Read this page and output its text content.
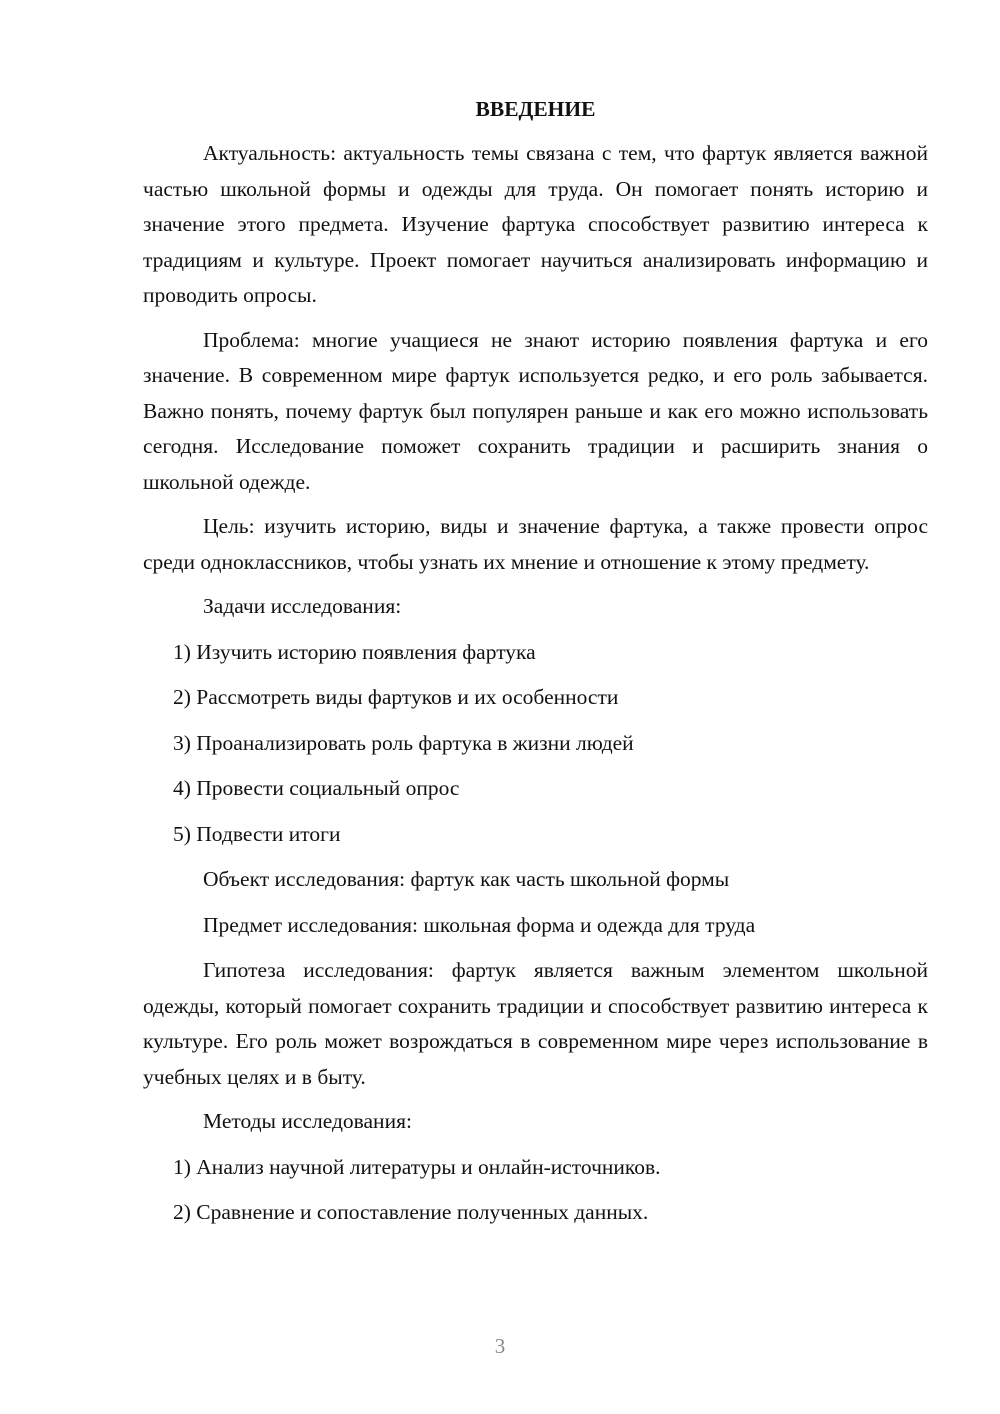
ВВЕДЕНИЕ

Актуальность: актуальность темы связана с тем, что фартук является важной частью школьной формы и одежды для труда. Он помогает понять историю и значение этого предмета. Изучение фартука способствует развитию интереса к традициям и культуре. Проект помогает научиться анализировать информацию и проводить опросы.

Проблема: многие учащиеся не знают историю появления фартука и его значение. В современном мире фартук используется редко, и его роль забывается. Важно понять, почему фартук был популярен раньше и как его можно использовать сегодня. Исследование поможет сохранить традиции и расширить знания о школьной одежде.

Цель: изучить историю, виды и значение фартука, а также провести опрос среди одноклассников, чтобы узнать их мнение и отношение к этому предмету.

Задачи исследования:
1) Изучить историю появления фартука
2) Рассмотреть виды фартуков и их особенности
3) Проанализировать роль фартука в жизни людей
4) Провести социальный опрос
5) Подвести итоги
Объект исследования: фартук как часть школьной формы
Предмет исследования: школьная форма и одежда для труда

Гипотеза исследования: фартук является важным элементом школьной одежды, который помогает сохранить традиции и способствует развитию интереса к культуре. Его роль может возрождаться в современном мире через использование в учебных целях и в быту.

Методы исследования:
1) Анализ научной литературы и онлайн-источников.
2) Сравнение и сопоставление полученных данных.
3
